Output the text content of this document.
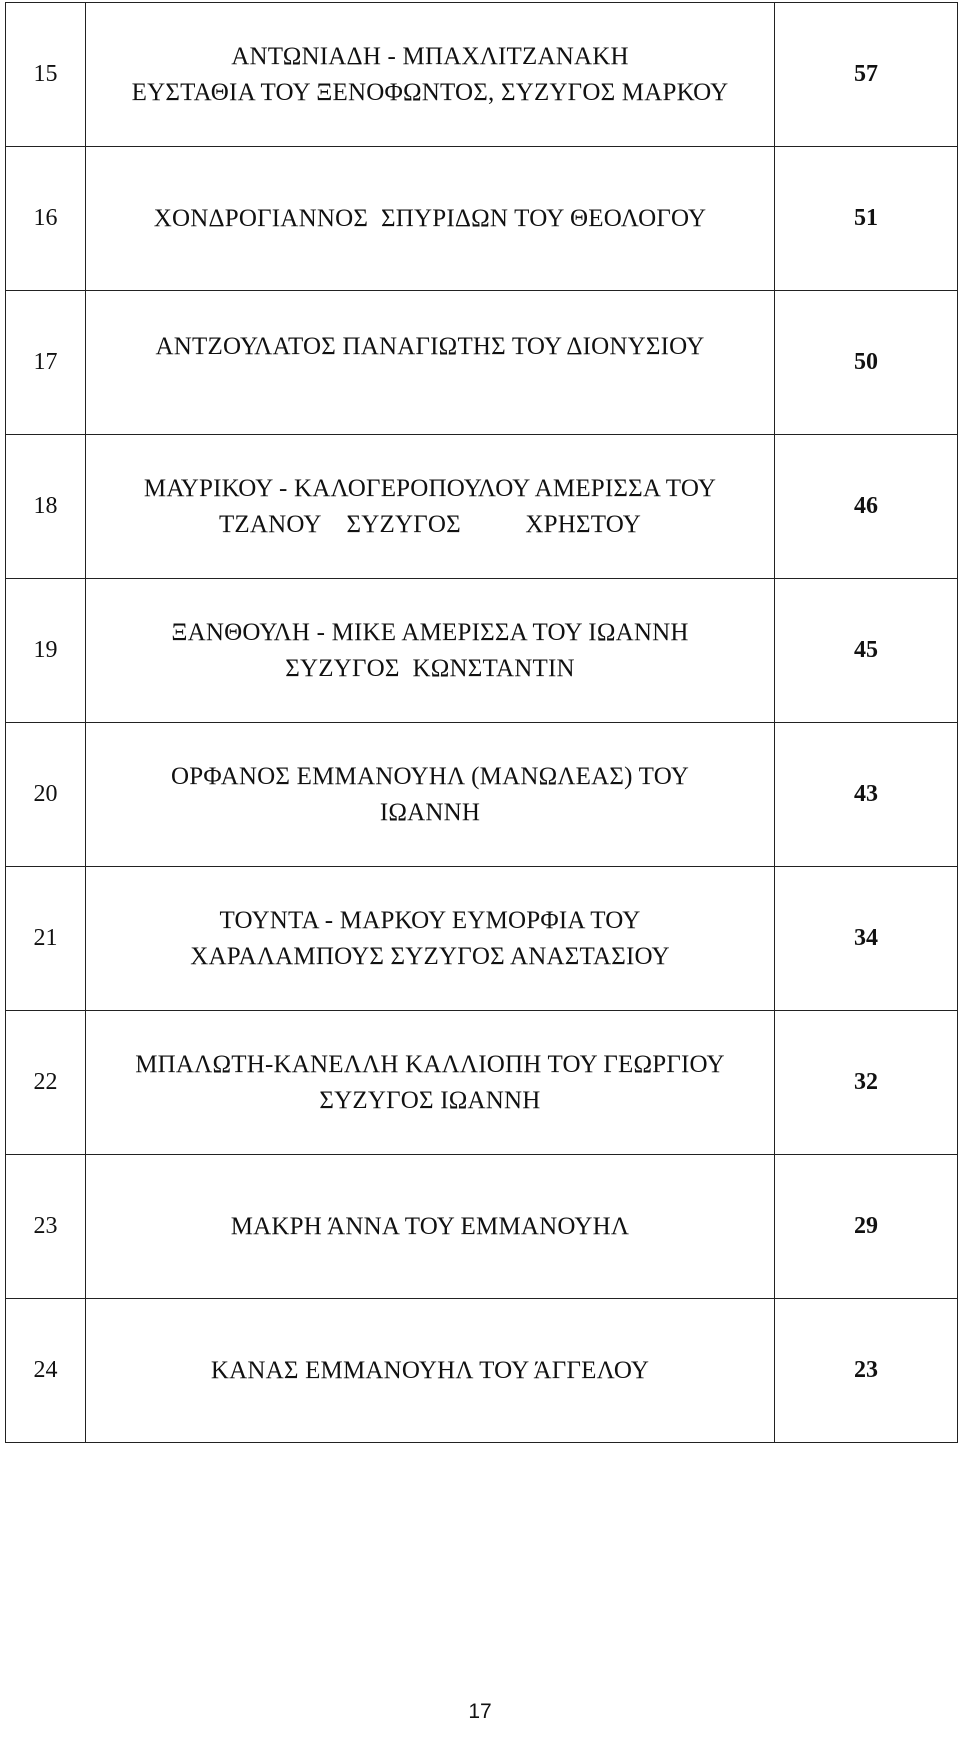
15	ΑΝΤΩΝΙΑΔΗ - ΜΠΑΧΛΙΤΖΑΝΑΚΗ
ΕΥΣΤΑΘΙΑ ΤΟΥ ΞΕΝΟΦΩΝΤΟΣ, ΣΥΖΥΓΟΣ ΜΑΡΚΟΥ	57
16	ΧΟΝΔΡΟΓΙΑΝΝΟΣ  ΣΠΥΡΙΔΩΝ ΤΟΥ ΘΕΟΛΟΓΟΥ	51
17	ΑΝΤΖΟΥΛΑΤΟΣ ΠΑΝΑΓΙΩΤΗΣ ΤΟΥ ΔΙΟΝΥΣΙΟΥ	50
18	ΜΑΥΡΙΚΟΥ - ΚΑΛΟΓΕΡΟΠΟΥΛΟΥ ΑΜΕΡΙΣΣΑ ΤΟΥ
ΤΖΑΝΟΥ    ΣΥΖΥΓΟΣ          ΧΡΗΣΤΟΥ	46
19	ΞΑΝΘΟΥΛΗ - ΜΙΚΕ ΑΜΕΡΙΣΣΑ ΤΟΥ ΙΩΑΝΝΗ
ΣΥΖΥΓΟΣ  ΚΩΝΣΤΑΝΤΙΝ	45
20	ΟΡΦΑΝΟΣ ΕΜΜΑΝΟΥΗΛ (ΜΑΝΩΛΕΑΣ) ΤΟΥ
ΙΩΑΝΝΗ	43
21	ΤΟΥΝΤΑ - ΜΑΡΚΟΥ ΕΥΜΟΡΦΙΑ ΤΟΥ
ΧΑΡΑΛΑΜΠΟΥΣ ΣΥΖΥΓΟΣ ΑΝΑΣΤΑΣΙΟΥ	34
22	ΜΠΑΛΩΤΗ-ΚΑΝΕΛΛΗ ΚΑΛΛΙΟΠΗ ΤΟΥ ΓΕΩΡΓΙΟΥ
ΣΥΖΥΓΟΣ ΙΩΑΝΝΗ	32
23	ΜΑΚΡΗ ΆΝΝΑ ΤΟΥ ΕΜΜΑΝΟΥΗΛ	29
24	ΚΑΝΑΣ ΕΜΜΑΝΟΥΗΛ ΤΟΥ ΆΓΓΕΛΟΥ	23
17
